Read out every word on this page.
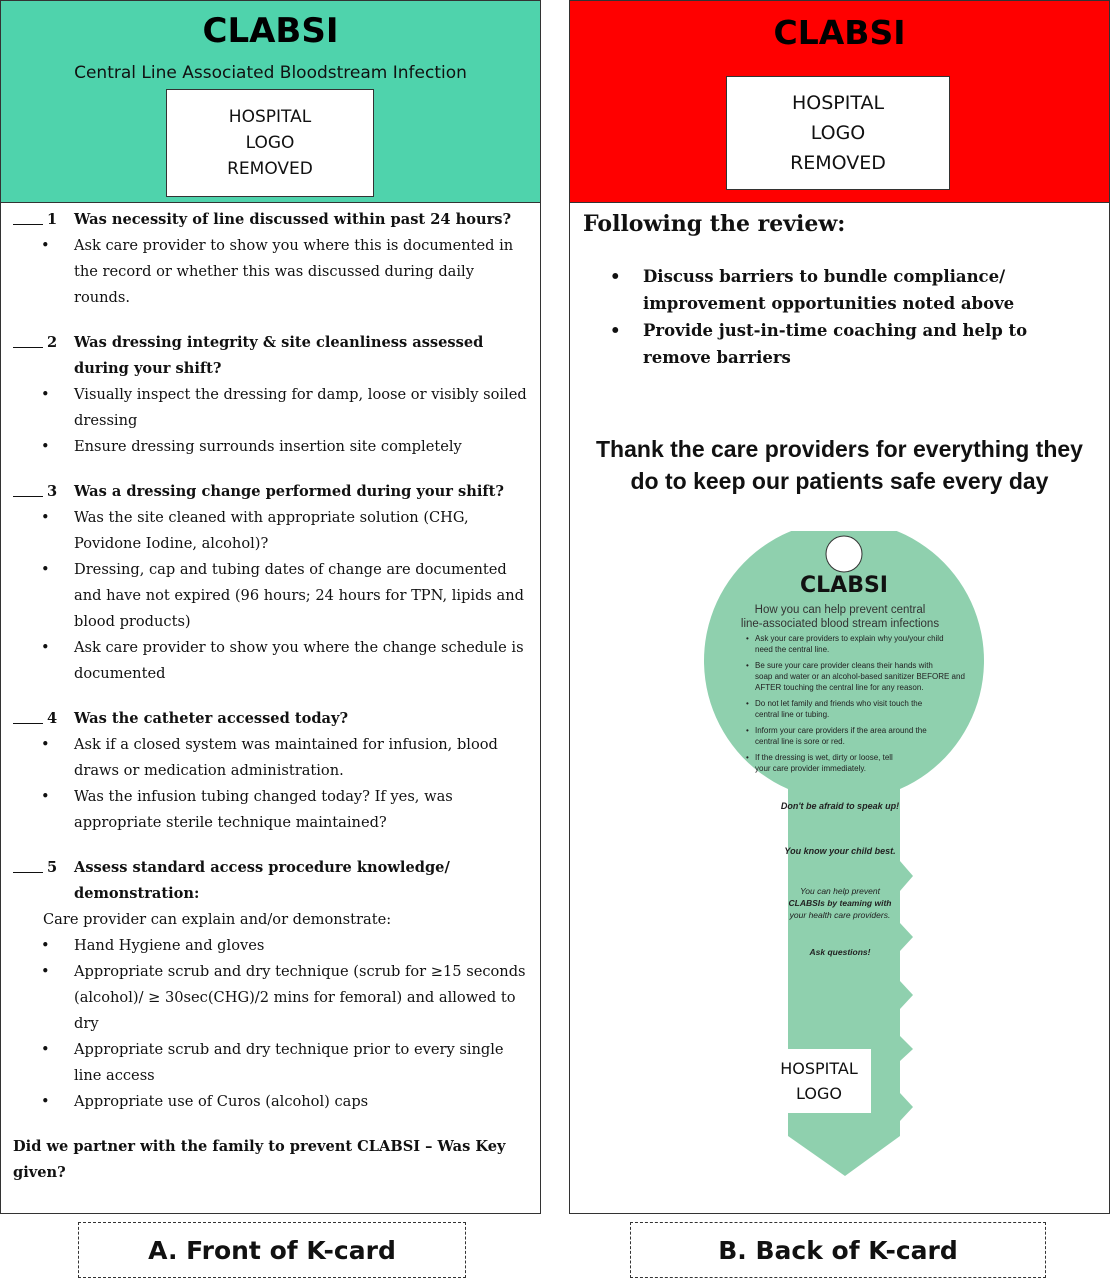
CLABSI
Central Line Associated Bloodstream Infection
HOSPITAL
LOGO
REMOVED
1	Was necessity of line discussed within past 24 hours?
•	Ask care provider to show you where this is documented in the record or whether this was discussed during daily rounds.
2	Was dressing integrity & site cleanliness assessed during your shift?
•	Visually inspect the dressing for damp, loose or visibly soiled dressing
•	Ensure dressing surrounds insertion site completely
3	Was a dressing change performed during your shift?
•	Was the site cleaned with appropriate solution (CHG, Povidone Iodine, alcohol)?
•	Dressing, cap and tubing dates of change are documented and have not expired (96 hours; 24 hours for TPN, lipids and blood products)
•	Ask care provider to show you where the change schedule is documented
4	Was the catheter accessed today?
•	Ask if a closed system was maintained for infusion, blood draws or medication administration.
•	Was the infusion tubing changed today? If yes, was appropriate sterile technique maintained?
5	Assess standard access procedure knowledge/ demonstration:
Care provider can explain and/or demonstrate:
•	Hand Hygiene and gloves
•	Appropriate scrub and dry technique (scrub for ≥15 seconds (alcohol)/ ≥ 30sec(CHG)/2 mins for femoral) and allowed to dry
•	Appropriate scrub and dry technique prior to every single line access
•	Appropriate use of Curos (alcohol) caps
Did we partner with the family to prevent CLABSI – Was Key given?
CLABSI
HOSPITAL
LOGO
REMOVED
Following the review:
•	Discuss barriers to bundle compliance/ improvement opportunities noted above
•	Provide just-in-time coaching and help to remove barriers
Thank the care providers for everything they do to keep our patients safe every day
CLABSI
How you can help prevent central
line-associated blood stream infections
• Ask your care providers to explain why you/your child
need the central line.
• Be sure your care provider cleans their hands with
soap and water or an alcohol-based sanitizer BEFORE and
AFTER touching the central line for any reason.
• Do not let family and friends who visit touch the
central line or tubing.
• Inform your care providers if the area around the
central line is sore or red.
• If the dressing is wet, dirty or loose, tell
your care provider immediately.
Don't be afraid to speak up!
You know your child best.
You can help prevent
CLABSIs by teaming with
your health care providers.
Ask questions!
HOSPITAL
LOGO
A. Front of K-card	B. Back of K-card
